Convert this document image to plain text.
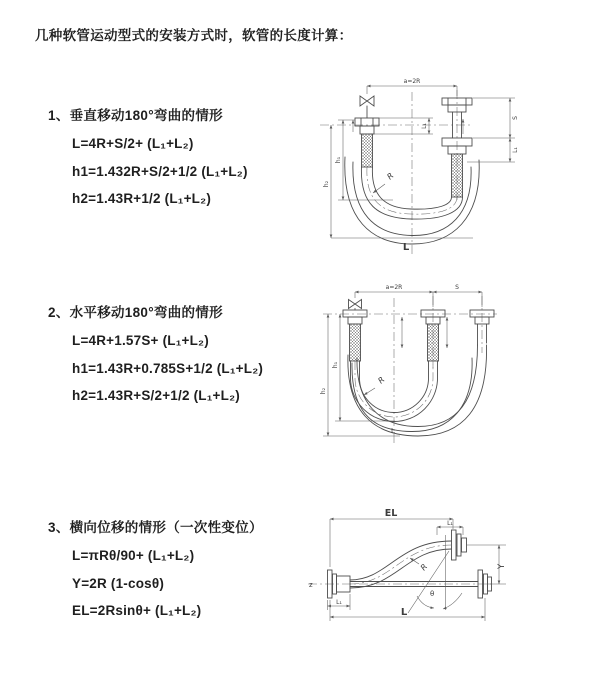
几种软管运动型式的安装方式时，软管的长度计算：
1、垂直移动180°弯曲的情形
L=4R+S/2+ (L₁+L₂)
h1=1.432R+S/2+1/2 (L₁+L₂)
h2=1.43R+1/2 (L₁+L₂)
2、水平移动180°弯曲的情形
L=4R+1.57S+ (L₁+L₂)
h1=1.43R+0.785S+1/2 (L₁+L₂)
h2=1.43R+S/2+1/2 (L₁+L₂)
3、横向位移的情形（一次性变位）
L=πRθ/90+ (L₁+L₂)
Y=2R (1-cosθ)
EL=2Rsinθ+ (L₁+L₂)
a=2R
h₁
h₂
L₁
S
L₁
R
L
a=2R	S
h₁
h₂
R
L
EL
L₁
Y
θ
R
L₁
L
z
